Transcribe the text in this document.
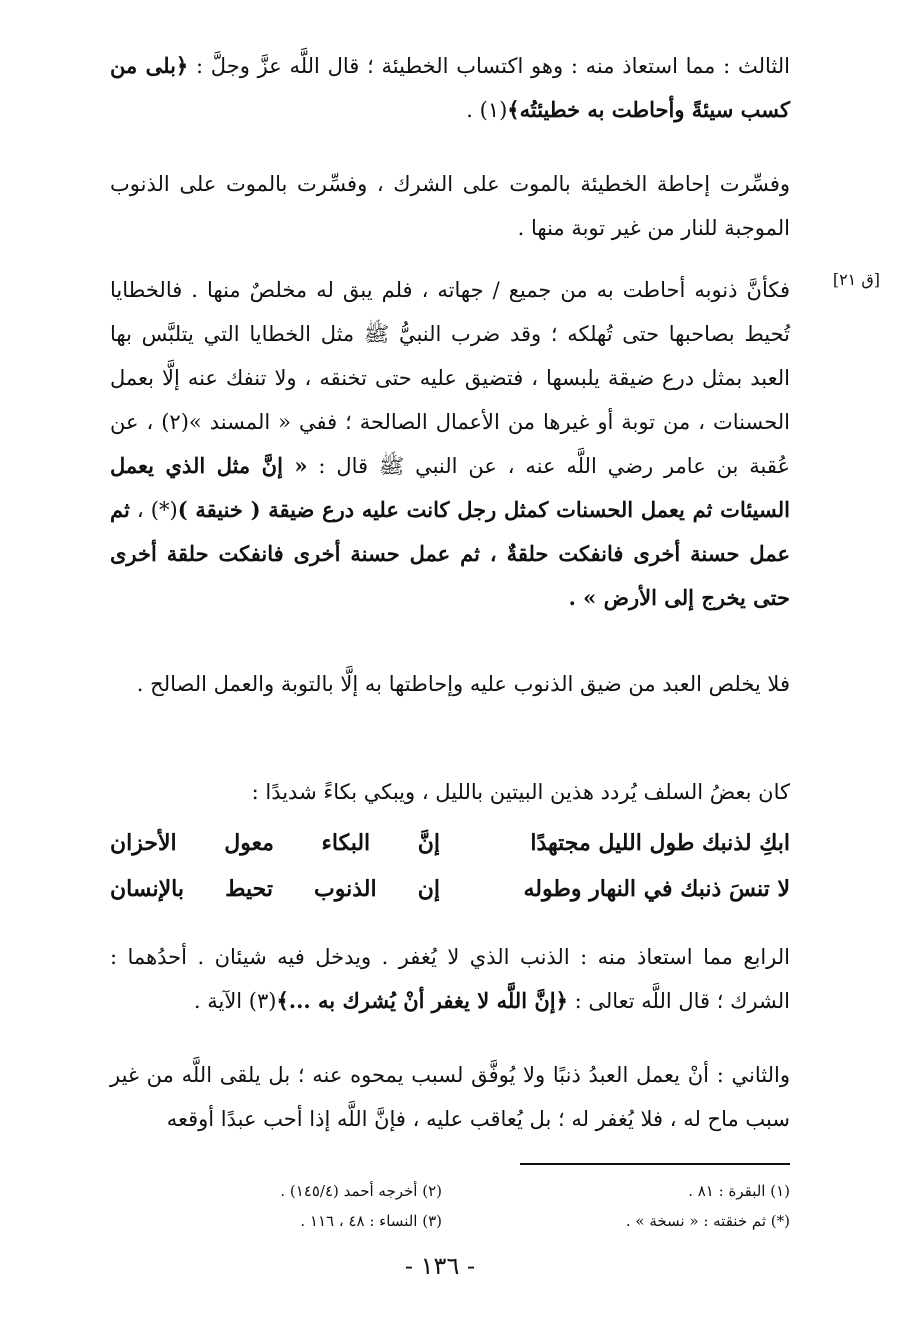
الثالث : مما استعاذ منه : وهو اكتساب الخطيئة ؛ قال اللَّه عزَّ وجلَّ : ﴿بلى من كسب سيئةً وأحاطت به خطيئتُه﴾(١) .
وفسِّرت إحاطة الخطيئة بالموت على الشرك ، وفسِّرت بالموت على الذنوب الموجبة للنار من غير توبة منها .
[ق ٢١]
فكأنَّ ذنوبه أحاطت به من جميع / جهاته ، فلم يبق له مخلصٌ منها . فالخطايا تُحيط بصاحبها حتى تُهلكه ؛ وقد ضرب النبيُّ ﷺ مثل الخطايا التي يتلبَّس بها العبد بمثل درع ضيقة يلبسها ، فتضيق عليه حتى تخنقه ، ولا تنفك عنه إلَّا بعمل الحسنات ، من توبة أو غيرها من الأعمال الصالحة ؛ ففي « المسند »(٢) ، عن عُقبة بن عامر رضي اللَّه عنه ، عن النبي ﷺ قال : « إنَّ مثل الذي يعمل السيئات ثم يعمل الحسنات كمثل رجل كانت عليه درع ضيقة ( خنيقة )(*) ، ثم عمل حسنة أخرى فانفكت حلقةٌ ، ثم عمل حسنة أخرى فانفكت حلقة أخرى حتى يخرج إلى الأرض » .
فلا يخلص العبد من ضيق الذنوب عليه وإحاطتها به إلَّا بالتوبة والعمل الصالح .
كان بعضُ السلف يُردد هذين البيتين بالليل ، ويبكي بكاءً شديدًا :
ابكِ لذنبك طول الليل مجتهدًا
إنَّ البكاء معول الأحزان
لا تنسَ ذنبك في النهار وطوله
إن الذنوب تحيط بالإنسان
الرابع مما استعاذ منه : الذنب الذي لا يُغفر . ويدخل فيه شيئان . أحدُهما : الشرك ؛ قال اللَّه تعالى : ﴿إنَّ اللَّه لا يغفر أنْ يُشرك به ...﴾(٣) الآية .
والثاني : أنْ يعمل العبدُ ذنبًا ولا يُوفَّق لسبب يمحوه عنه ؛ بل يلقى اللَّه من غير سبب ماح له ، فلا يُغفر له ؛ بل يُعاقب عليه ، فإنَّ اللَّه إذا أحب عبدًا أوقعه
(١) البقرة : ٨١ .
(٢) أخرجه أحمد (١٤٥/٤) .
(*) ثم خنقته : « نسخة » .
(٣) النساء : ٤٨ ، ١١٦ .
- ١٣٦ -
